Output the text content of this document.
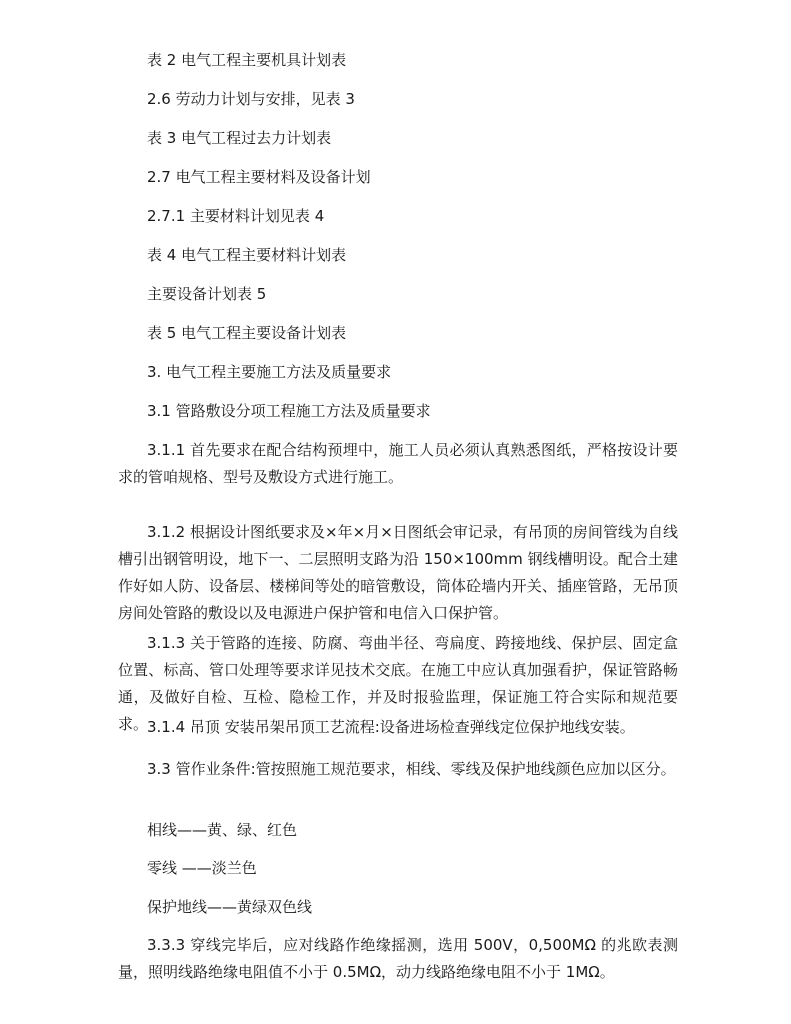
表 2 电气工程主要机具计划表
2.6 劳动力计划与安排，见表 3
表 3 电气工程过去力计划表
2.7 电气工程主要材料及设备计划
2.7.1 主要材料计划见表 4
表 4 电气工程主要材料计划表
主要设备计划表 5
表 5 电气工程主要设备计划表
3. 电气工程主要施工方法及质量要求
3.1 管路敷设分项工程施工方法及质量要求
3.1.1 首先要求在配合结构预埋中，施工人员必须认真熟悉图纸，严格按设计要求的管咱规格、型号及敷设方式进行施工。
3.1.2 根据设计图纸要求及×年×月×日图纸会审记录，有吊顶的房间管线为自线槽引出钢管明设，地下一、二层照明支路为沿 150×100mm 钢线槽明设。配合土建作好如人防、设备层、楼梯间等处的暗管敷设，筒体砼墙内开关、插座管路，无吊顶房间处管路的敷设以及电源进户保护管和电信入口保护管。
3.1.3 关于管路的连接、防腐、弯曲半径、弯扁度、跨接地线、保护层、固定盒位置、标高、管口处理等要求详见技术交底。在施工中应认真加强看护，保证管路畅通，及做好自检、互检、隐检工作，并及时报验监理，保证施工符合实际和规范要求。
3.1.4 吊顶 安装吊架吊顶工艺流程:设备进场检查弹线定位保护地线安装。
3.3 管作业条件:管按照施工规范要求，相线、零线及保护地线颜色应加以区分。
相线——黄、绿、红色
零线 ——淡兰色
保护地线——黄绿双色线
3.3.3 穿线完毕后，应对线路作绝缘摇测，选用 500V，0,500MΩ 的兆欧表测量，照明线路绝缘电阻值不小于 0.5MΩ，动力线路绝缘电阻不小于 1MΩ。
